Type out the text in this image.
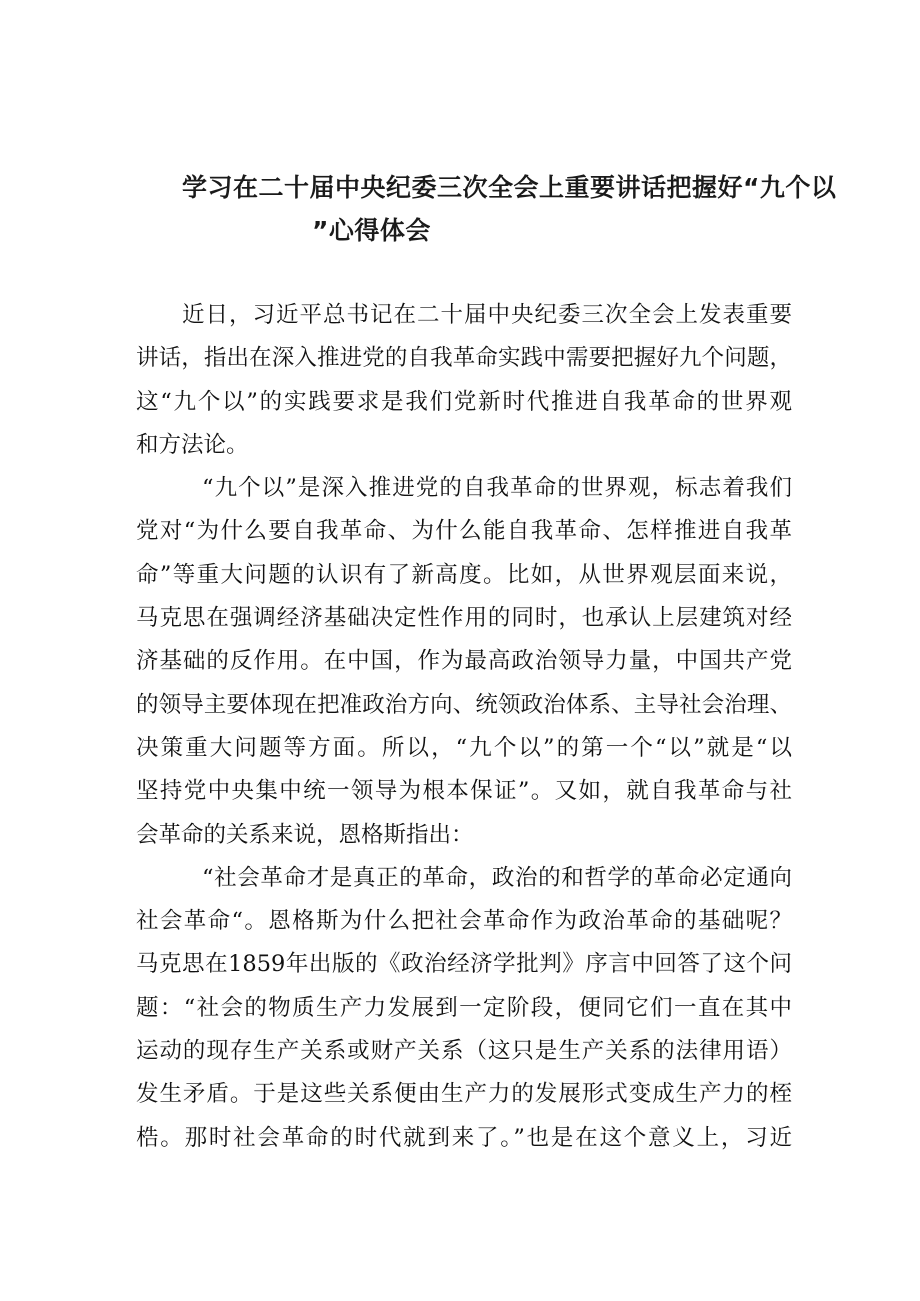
学习在二十届中央纪委三次全会上重要讲话把握好“九个以
”心得体会
近日，习近平总书记在二十届中央纪委三次全会上发表重要
讲话，指出在深入推进党的自我革命实践中需要把握好九个问题，
这“九个以”的实践要求是我们党新时代推进自我革命的世界观
和方法论。
“九个以”是深入推进党的自我革命的世界观，标志着我们
党对“为什么要自我革命、为什么能自我革命、怎样推进自我革
命”等重大问题的认识有了新高度。比如，从世界观层面来说，
马克思在强调经济基础决定性作用的同时，也承认上层建筑对经
济基础的反作用。在中国，作为最高政治领导力量，中国共产党
的领导主要体现在把准政治方向、统领政治体系、主导社会治理、
决策重大问题等方面。所以，“九个以”的第一个“以”就是“以
坚持党中央集中统一领导为根本保证”。又如，就自我革命与社
会革命的关系来说，恩格斯指出：
“社会革命才是真正的革命，政治的和哲学的革命必定通向
社会革命“。恩格斯为什么把社会革命作为政治革命的基础呢？
马克思在1859年出版的《政治经济学批判》序言中回答了这个问
题：“社会的物质生产力发展到一定阶段，便同它们一直在其中
运动的现存生产关系或财产关系（这只是生产关系的法律用语）
发生矛盾。于是这些关系便由生产力的发展形式变成生产力的桎
梏。那时社会革命的时代就到来了。”也是在这个意义上，习近
